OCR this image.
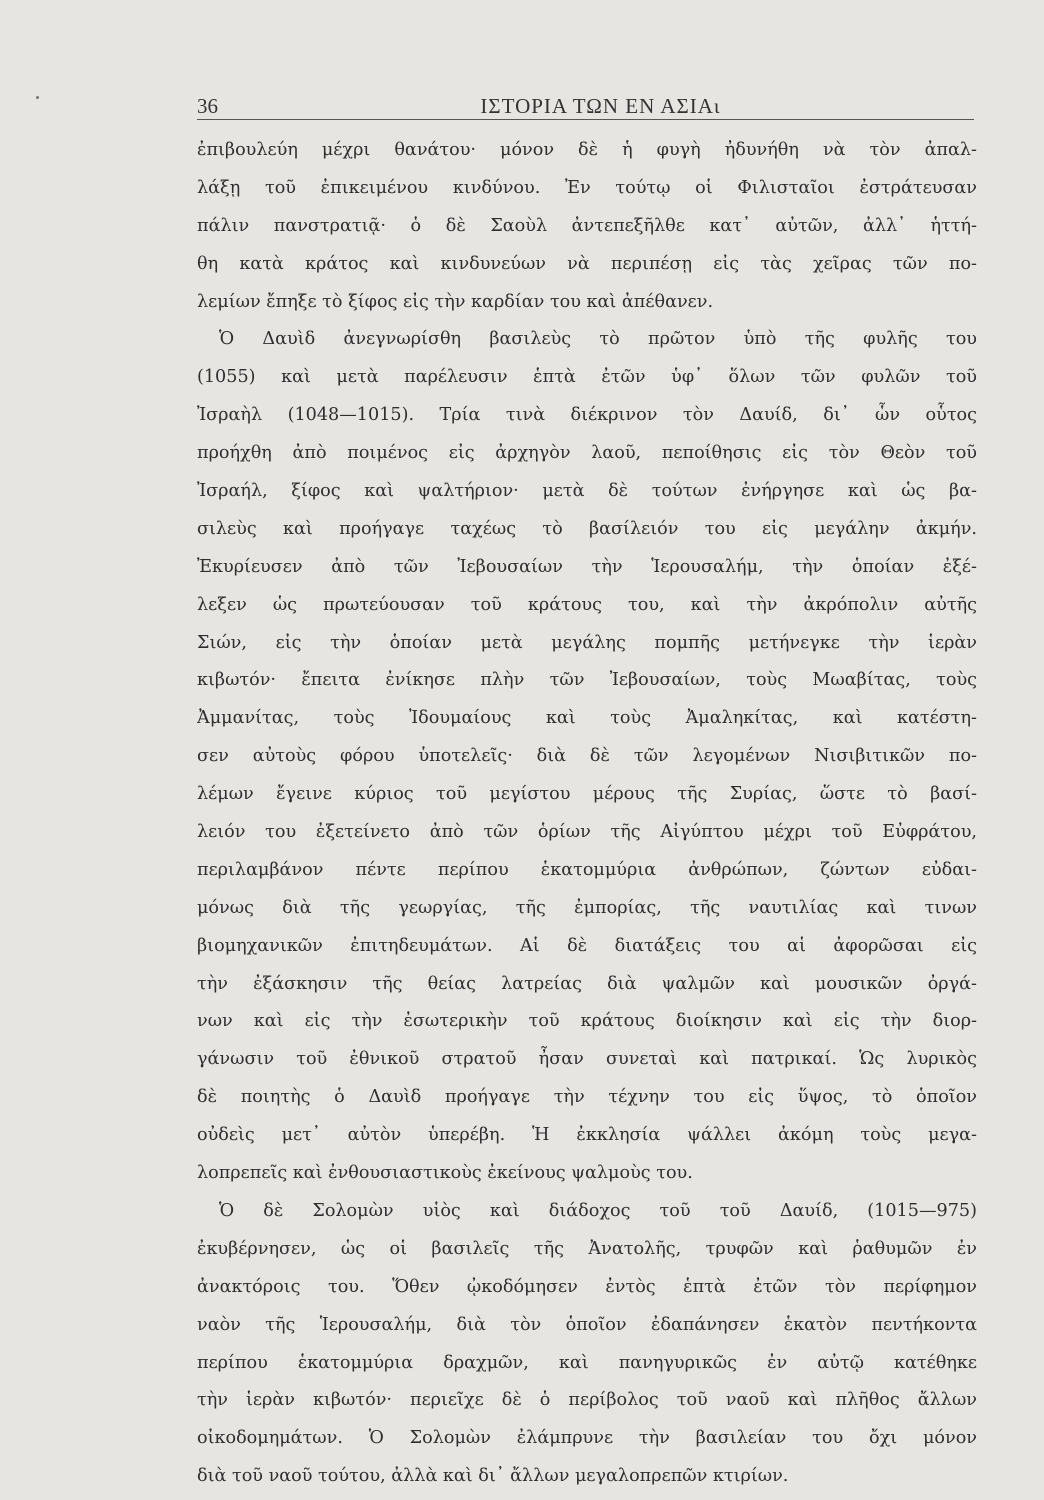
36	ΙΣΤΟΡΙΑ ΤΩΝ ΕΝ ΑΣΙΑι
ἐπιβουλεύη μέχρι θανάτου· μόνον δὲ ἡ φυγὴ ἠδυνήθη νὰ τὸν ἀπαλ-
λάξῃ τοῦ ἐπικειμένου κινδύνου. Ἐν τούτῳ οἱ Φιλισταῖοι ἐστράτευσαν
πάλιν πανστρατιᾷ· ὁ δὲ Σαοὺλ ἀντεπεξῆλθε κατ᾽ αὐτῶν, ἀλλ᾽ ἡττή-
θη κατὰ κράτος καὶ κινδυνεύων νὰ περιπέσῃ εἰς τὰς χεῖρας τῶν πο-
λεμίων ἔπηξε τὸ ξίφος εἰς τὴν καρδίαν του καὶ ἀπέθανεν.
Ὁ Δαυὶδ ἀνεγνωρίσθη βασιλεὺς τὸ πρῶτον ὑπὸ τῆς φυλῆς του
(1055) καὶ μετὰ παρέλευσιν ἑπτὰ ἐτῶν ὑφ᾽ ὅλων τῶν φυλῶν τοῦ
Ἰσραὴλ (1048—1015). Τρία τινὰ διέκρινον τὸν Δαυίδ, δι᾽ ὧν οὗτος
προήχθη ἀπὸ ποιμένος εἰς ἀρχηγὸν λαοῦ, πεποίθησις εἰς τὸν Θεὸν τοῦ
Ἰσραήλ, ξίφος καὶ ψαλτήριον· μετὰ δὲ τούτων ἐνήργησε καὶ ὡς βα-
σιλεὺς καὶ προήγαγε ταχέως τὸ βασίλειόν του εἰς μεγάλην ἀκμήν.
Ἐκυρίευσεν ἀπὸ τῶν Ἰεβουσαίων τὴν Ἱερουσαλήμ, τὴν ὁποίαν ἐξέ-
λεξεν ὡς πρωτεύουσαν τοῦ κράτους του, καὶ τὴν ἀκρόπολιν αὐτῆς
Σιών, εἰς τὴν ὁποίαν μετὰ μεγάλης πομπῆς μετήνεγκε τὴν ἱερὰν
κιβωτόν· ἔπειτα ἐνίκησε πλὴν τῶν Ἰεβουσαίων, τοὺς Μωαβίτας, τοὺς
Ἀμμανίτας, τοὺς Ἰδουμαίους καὶ τοὺς Ἀμαληκίτας, καὶ κατέστη-
σεν αὐτοὺς φόρου ὑποτελεῖς· διὰ δὲ τῶν λεγομένων Νισιβιτικῶν πο-
λέμων ἔγεινε κύριος τοῦ μεγίστου μέρους τῆς Συρίας, ὥστε τὸ βασί-
λειόν του ἐξετείνετο ἀπὸ τῶν ὁρίων τῆς Αἰγύπτου μέχρι τοῦ Εὐφράτου,
περιλαμβάνον πέντε περίπου ἑκατομμύρια ἀνθρώπων, ζώντων εὐδαι-
μόνως διὰ τῆς γεωργίας, τῆς ἐμπορίας, τῆς ναυτιλίας καὶ τινων
βιομηχανικῶν ἐπιτηδευμάτων. Αἱ δὲ διατάξεις του αἱ ἀφορῶσαι εἰς
τὴν ἐξάσκησιν τῆς θείας λατρείας διὰ ψαλμῶν καὶ μουσικῶν ὀργά-
νων καὶ εἰς τὴν ἐσωτερικὴν τοῦ κράτους διοίκησιν καὶ εἰς τὴν διορ-
γάνωσιν τοῦ ἐθνικοῦ στρατοῦ ἦσαν συνεταὶ καὶ πατρικαί. Ὡς λυρικὸς
δὲ ποιητὴς ὁ Δαυὶδ προήγαγε τὴν τέχνην του εἰς ὕψος, τὸ ὁποῖον
οὐδεὶς μετ᾽ αὐτὸν ὑπερέβη. Ἡ ἐκκλησία ψάλλει ἀκόμη τοὺς μεγα-
λοπρεπεῖς καὶ ἐνθουσιαστικοὺς ἐκείνους ψαλμοὺς του.
Ὁ δὲ Σολομὼν υἱὸς καὶ διάδοχος τοῦ τοῦ Δαυίδ, (1015—975)
ἐκυβέρνησεν, ὡς οἱ βασιλεῖς τῆς Ἀνατολῆς, τρυφῶν καὶ ῥαθυμῶν ἐν
ἀνακτόροις του. Ὅθεν ᾠκοδόμησεν ἐντὸς ἑπτὰ ἐτῶν τὸν περίφημον
ναὸν τῆς Ἱερουσαλήμ, διὰ τὸν ὁποῖον ἐδαπάνησεν ἑκατὸν πεντήκοντα
περίπου ἑκατομμύρια δραχμῶν, καὶ πανηγυρικῶς ἐν αὐτῷ κατέθηκε
τὴν ἱερὰν κιβωτόν· περιεῖχε δὲ ὁ περίβολος τοῦ ναοῦ καὶ πλῆθος ἄλλων
οἰκοδομημάτων. Ὁ Σολομὼν ἐλάμπρυνε τὴν βασιλείαν του ὄχι μόνον
διὰ τοῦ ναοῦ τούτου, ἀλλὰ καὶ δι᾽ ἄλλων μεγαλοπρεπῶν κτιρίων.
